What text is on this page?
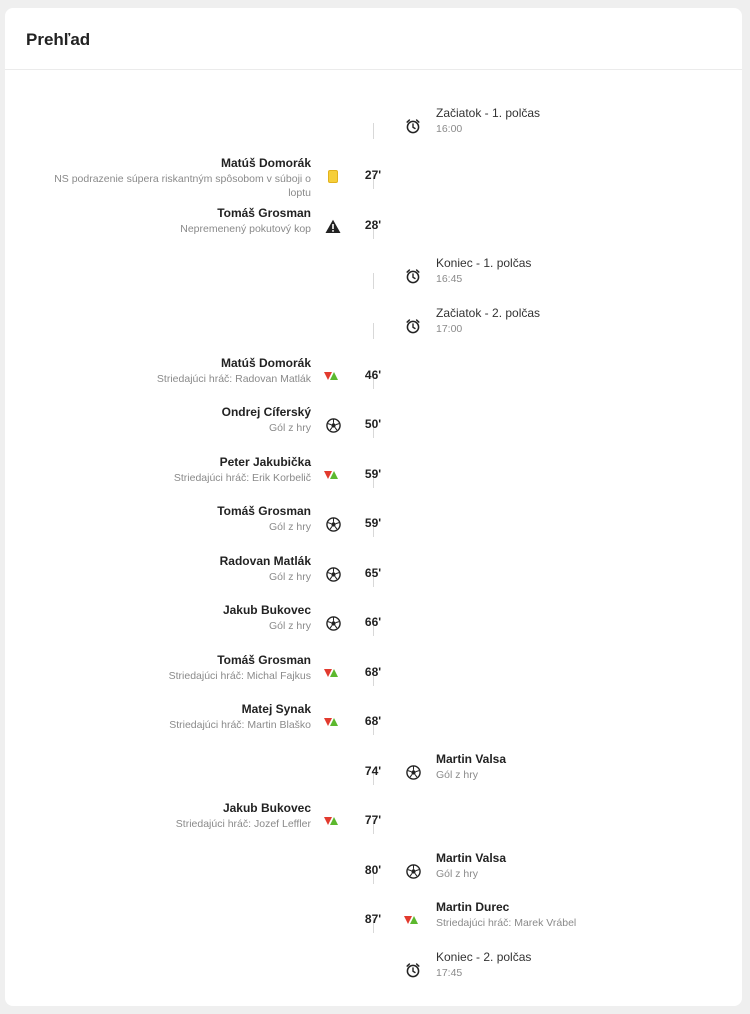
Prehľad
Začiatok - 1. polčas
16:00
27'
Matúš Domorák
NS podrazenie súpera riskantným spôsobom v súboji o loptu
28'
Tomáš Grosman
Nepremenený pokutový kop
Koniec - 1. polčas
16:45
Začiatok - 2. polčas
17:00
46'
Matúš Domorák
Striedajúci hráč: Radovan Matlák
50'
Ondrej Cíferský
Gól z hry
59'
Peter Jakubička
Striedajúci hráč: Erik Korbelič
59'
Tomáš Grosman
Gól z hry
65'
Radovan Matlák
Gól z hry
66'
Jakub Bukovec
Gól z hry
68'
Tomáš Grosman
Striedajúci hráč: Michal Fajkus
68'
Matej Synak
Striedajúci hráč: Martin Blaško
74'
Martin Valsa
Gól z hry
77'
Jakub Bukovec
Striedajúci hráč: Jozef Leffler
80'
Martin Valsa
Gól z hry
87'
Martin Durec
Striedajúci hráč: Marek Vrábel
Koniec - 2. polčas
17:45
